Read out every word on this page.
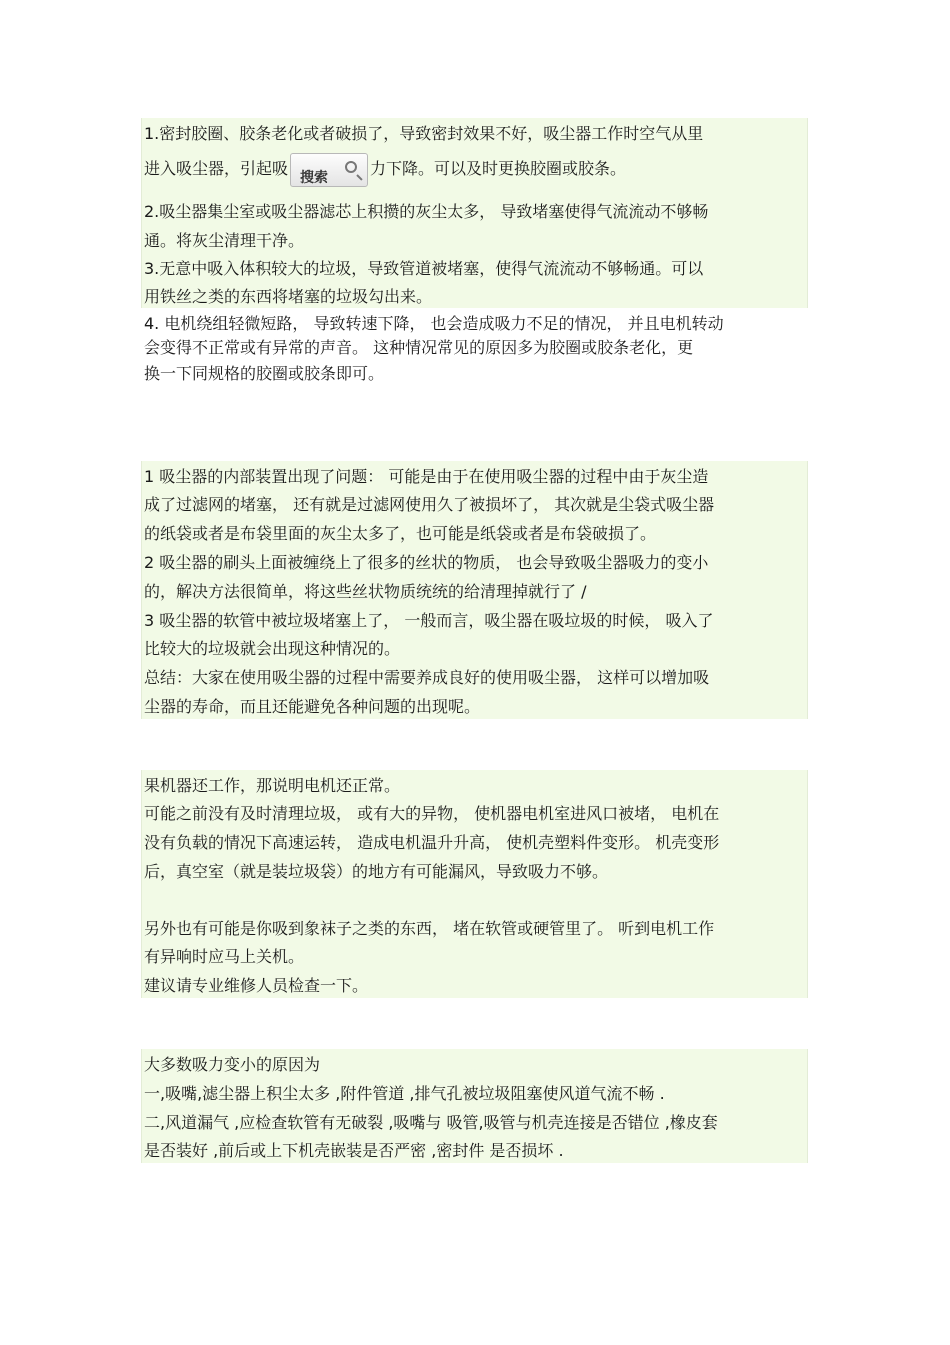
1.密封胶圈、胶条老化或者破损了，导致密封效果不好，吸尘器工作时空气从里
进入吸尘器，引起吸 搜索	力下降。可以及时更换胶圈或胶条。
2.吸尘器集尘室或吸尘器滤芯上积攒的灰尘太多， 导致堵塞使得气流流动不够畅
通。将灰尘清理干净。
3.无意中吸入体积较大的垃圾，导致管道被堵塞，使得气流流动不够畅通。可以
用铁丝之类的东西将堵塞的垃圾勾出来。
4. 电机绕组轻微短路， 导致转速下降， 也会造成吸力不足的情况， 并且电机转动
会变得不正常或有异常的声音。 这种情况常见的原因多为胶圈或胶条老化，更
换一下同规格的胶圈或胶条即可。
1 吸尘器的内部装置出现了问题： 可能是由于在使用吸尘器的过程中由于灰尘造
成了过滤网的堵塞， 还有就是过滤网使用久了被损坏了， 其次就是尘袋式吸尘器
的纸袋或者是布袋里面的灰尘太多了，也可能是纸袋或者是布袋破损了。
2 吸尘器的刷头上面被缠绕上了很多的丝状的物质， 也会导致吸尘器吸力的变小
的，解决方法很简单，将这些丝状物质统统的给清理掉就行了 /
3 吸尘器的软管中被垃圾堵塞上了， 一般而言，吸尘器在吸垃圾的时候， 吸入了
比较大的垃圾就会出现这种情况的。
总结：大家在使用吸尘器的过程中需要养成良好的使用吸尘器， 这样可以增加吸
尘器的寿命，而且还能避免各种问题的出现呢。
果机器还工作，那说明电机还正常。
可能之前没有及时清理垃圾， 或有大的异物， 使机器电机室进风口被堵， 电机在
没有负载的情况下高速运转， 造成电机温升升高， 使机壳塑料件变形。 机壳变形
后，真空室（就是装垃圾袋）的地方有可能漏风，导致吸力不够。
另外也有可能是你吸到象袜子之类的东西， 堵在软管或硬管里了。 听到电机工作
有异响时应马上关机。
建议请专业维修人员检查一下。
大多数吸力变小的原因为
一,吸嘴,滤尘器上积尘太多 ,附件管道 ,排气孔被垃圾阻塞使风道气流不畅 .
二,风道漏气 ,应检查软管有无破裂 ,吸嘴与 吸管,吸管与机壳连接是否错位 ,橡皮套
是否装好 ,前后或上下机壳嵌装是否严密 ,密封件 是否损坏 .
